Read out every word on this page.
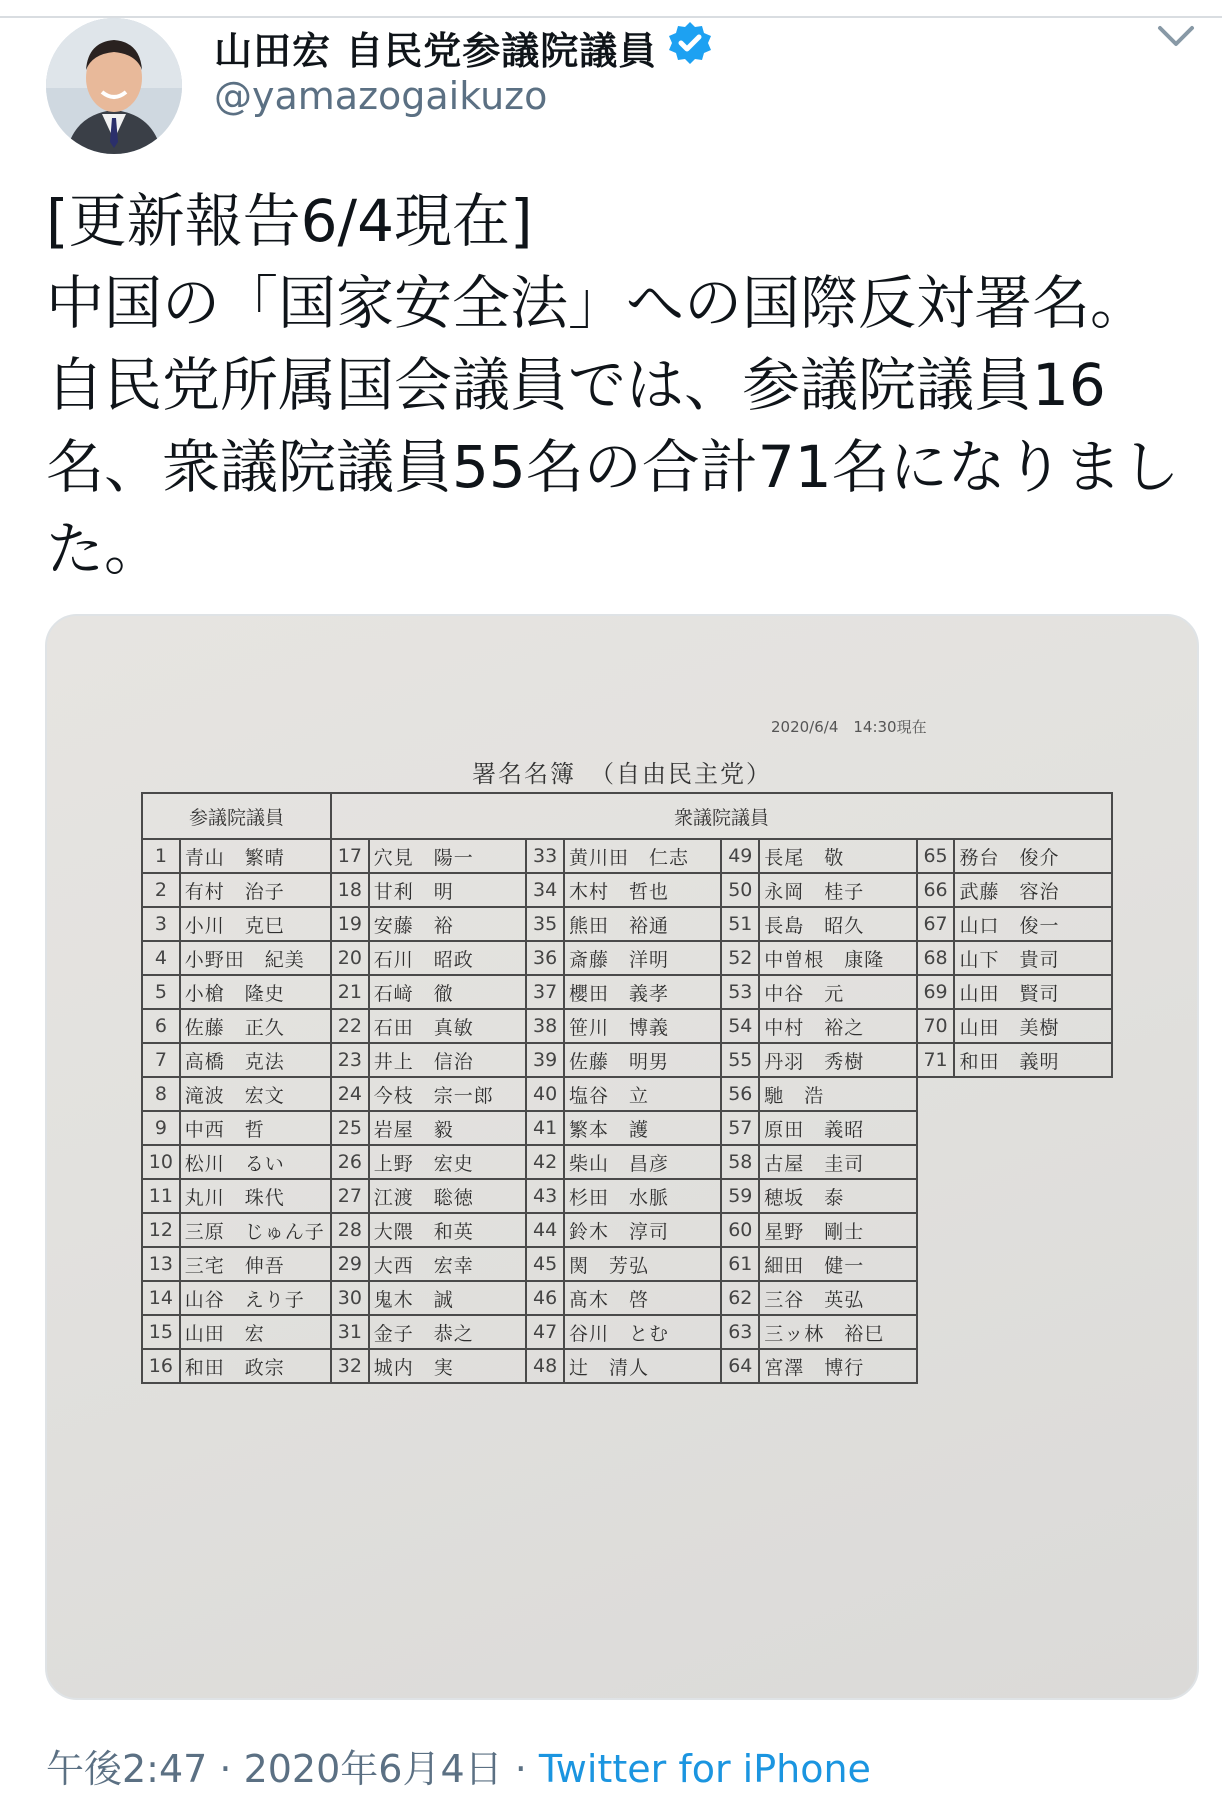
山田宏 自民党参議院議員
@yamazogaikuzo
[更新報告6/4現在]
中国の「国家安全法」への国際反対署名。
自民党所属国会議員では、参議院議員16名、衆議院議員55名の合計71名になりました。
2020/6/4　14:30現在
署名名簿　（自由民主党）
参議院議員		衆議院議員							
1	青山　繁晴	17	穴見　陽一	33	黄川田　仁志	49	長尾　敬	65	務台　俊介
2	有村　治子	18	甘利　明	34	木村　哲也	50	永岡　桂子	66	武藤　容治
3	小川　克巳	19	安藤　裕	35	熊田　裕通	51	長島　昭久	67	山口　俊一
4	小野田　紀美	20	石川　昭政	36	斎藤　洋明	52	中曽根　康隆	68	山下　貴司
5	小槍　隆史	21	石﨑　徹	37	櫻田　義孝	53	中谷　元	69	山田　賢司
6	佐藤　正久	22	石田　真敏	38	笹川　博義	54	中村　裕之	70	山田　美樹
7	高橋　克法	23	井上　信治	39	佐藤　明男	55	丹羽　秀樹	71	和田　義明
8	滝波　宏文	24	今枝　宗一郎	40	塩谷　立	56	馳　浩		
9	中西　哲	25	岩屋　毅	41	繁本　護	57	原田　義昭		
10	松川　るい	26	上野　宏史	42	柴山　昌彦	58	古屋　圭司		
11	丸川　珠代	27	江渡　聡徳	43	杉田　水脈	59	穂坂　泰		
12	三原　じゅん子	28	大隈　和英	44	鈴木　淳司	60	星野　剛士		
13	三宅　伸吾	29	大西　宏幸	45	関　芳弘	61	細田　健一		
14	山谷　えり子	30	鬼木　誠	46	髙木　啓	62	三谷　英弘		
15	山田　宏	31	金子　恭之	47	谷川　とむ	63	三ッ林　裕巳		
16	和田　政宗	32	城内　実	48	辻　清人	64	宮澤　博行		
午後2:47 · 2020年6月4日 · Twitter for iPhone
